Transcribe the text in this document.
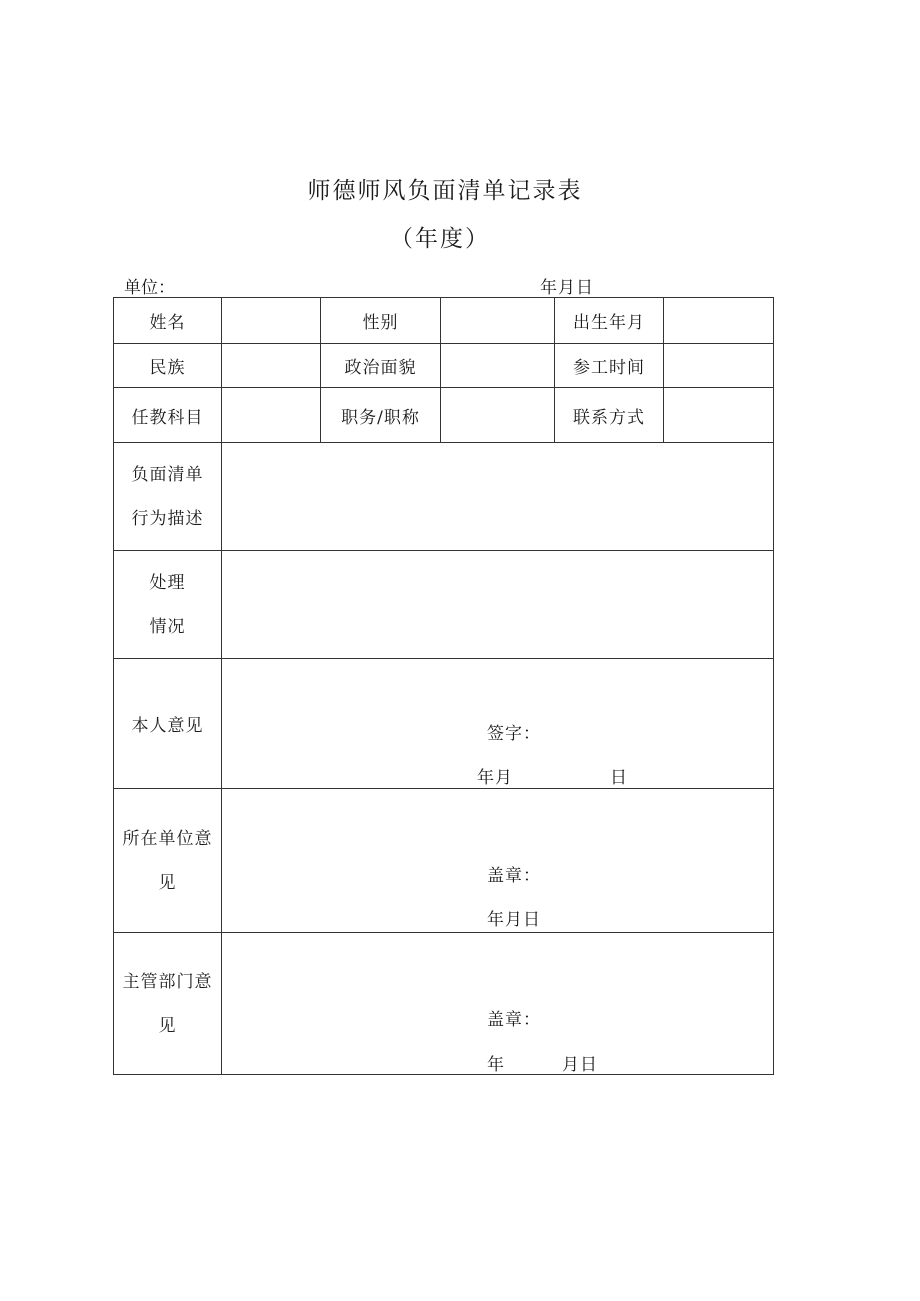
师德师风负面清单记录表
（年度）
单位：	年月日
姓名		性别		出生年月	
民族		政治面貌		参工时间	
任教科目		职务/职称		联系方式	

负面清单
行为描述					

处理
情况					

本人意见	签字：
年月 日				

所在单位意
见	盖章：
年月日				

主管部门意
见	盖章：
年 月日				
